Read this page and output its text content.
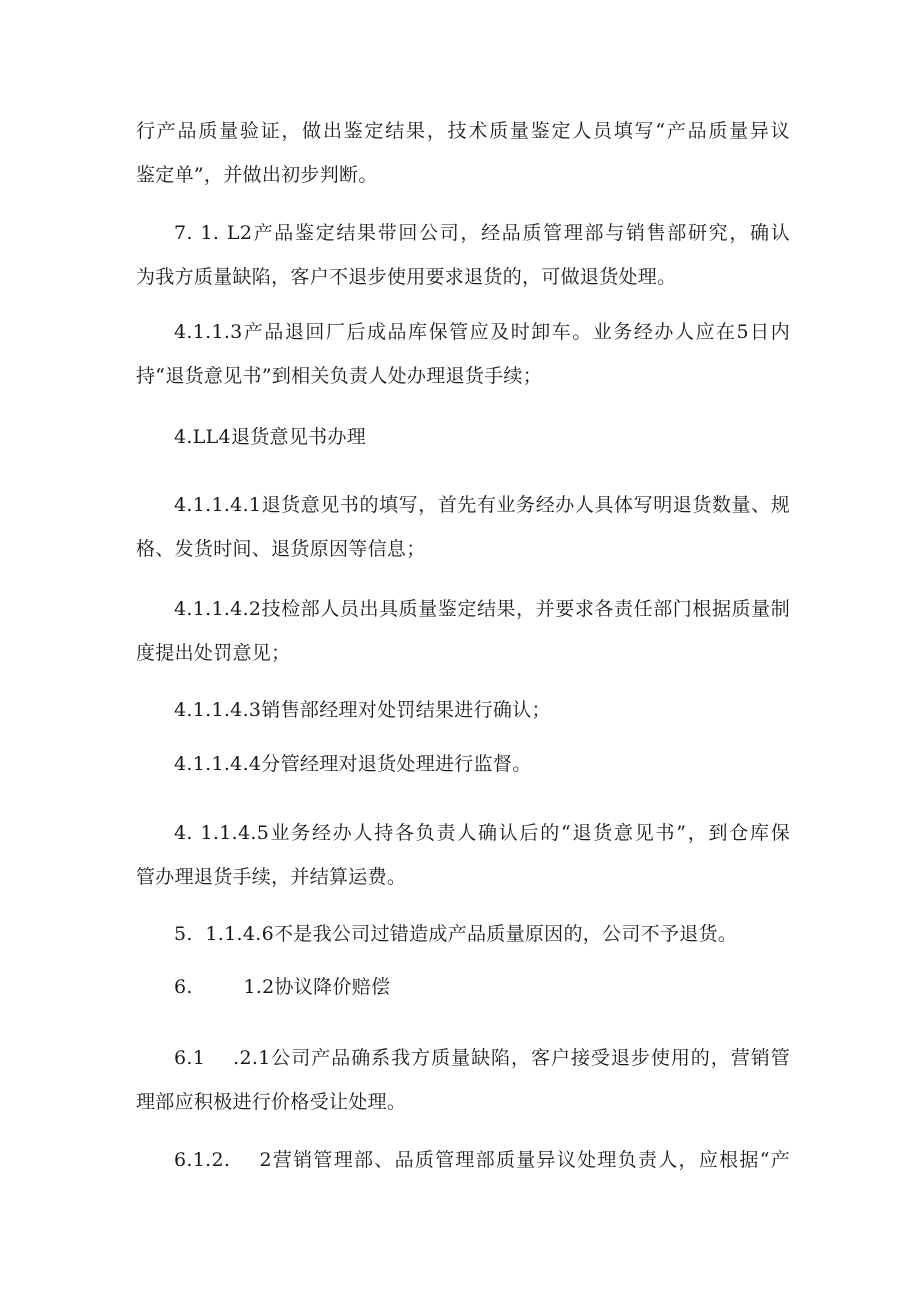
行产品质量验证，做出鉴定结果，技术质量鉴定人员填写“产品质量异议
鉴定单”，并做出初步判断。
7. 1. L2产品鉴定结果带回公司，经品质管理部与销售部研究，确认
为我方质量缺陷，客户不退步使用要求退货的，可做退货处理。
4.1.1.3产品退回厂后成品库保管应及时卸车。业务经办人应在5日内
持“退货意见书”到相关负责人处办理退货手续；
4.LL4退货意见书办理
4.1.1.4.1退货意见书的填写，首先有业务经办人具体写明退货数量、规
格、发货时间、退货原因等信息；
4.1.1.4.2技检部人员出具质量鉴定结果，并要求各责任部门根据质量制
度提出处罚意见；
4.1.1.4.3销售部经理对处罚结果进行确认；
4.1.1.4.4分管经理对退货处理进行监督。
4. 1.1.4.5业务经办人持各负责人确认后的“退货意见书”，到仓库保
管办理退货手续，并结算运费。
5.  1.1.4.6不是我公司过错造成产品质量原因的，公司不予退货。
6.        1.2协议降价赔偿
6.1    .2.1公司产品确系我方质量缺陷，客户接受退步使用的，营销管
理部应积极进行价格受让处理。
6.1.2.    2营销管理部、品质管理部质量异议处理负责人，应根据“产
